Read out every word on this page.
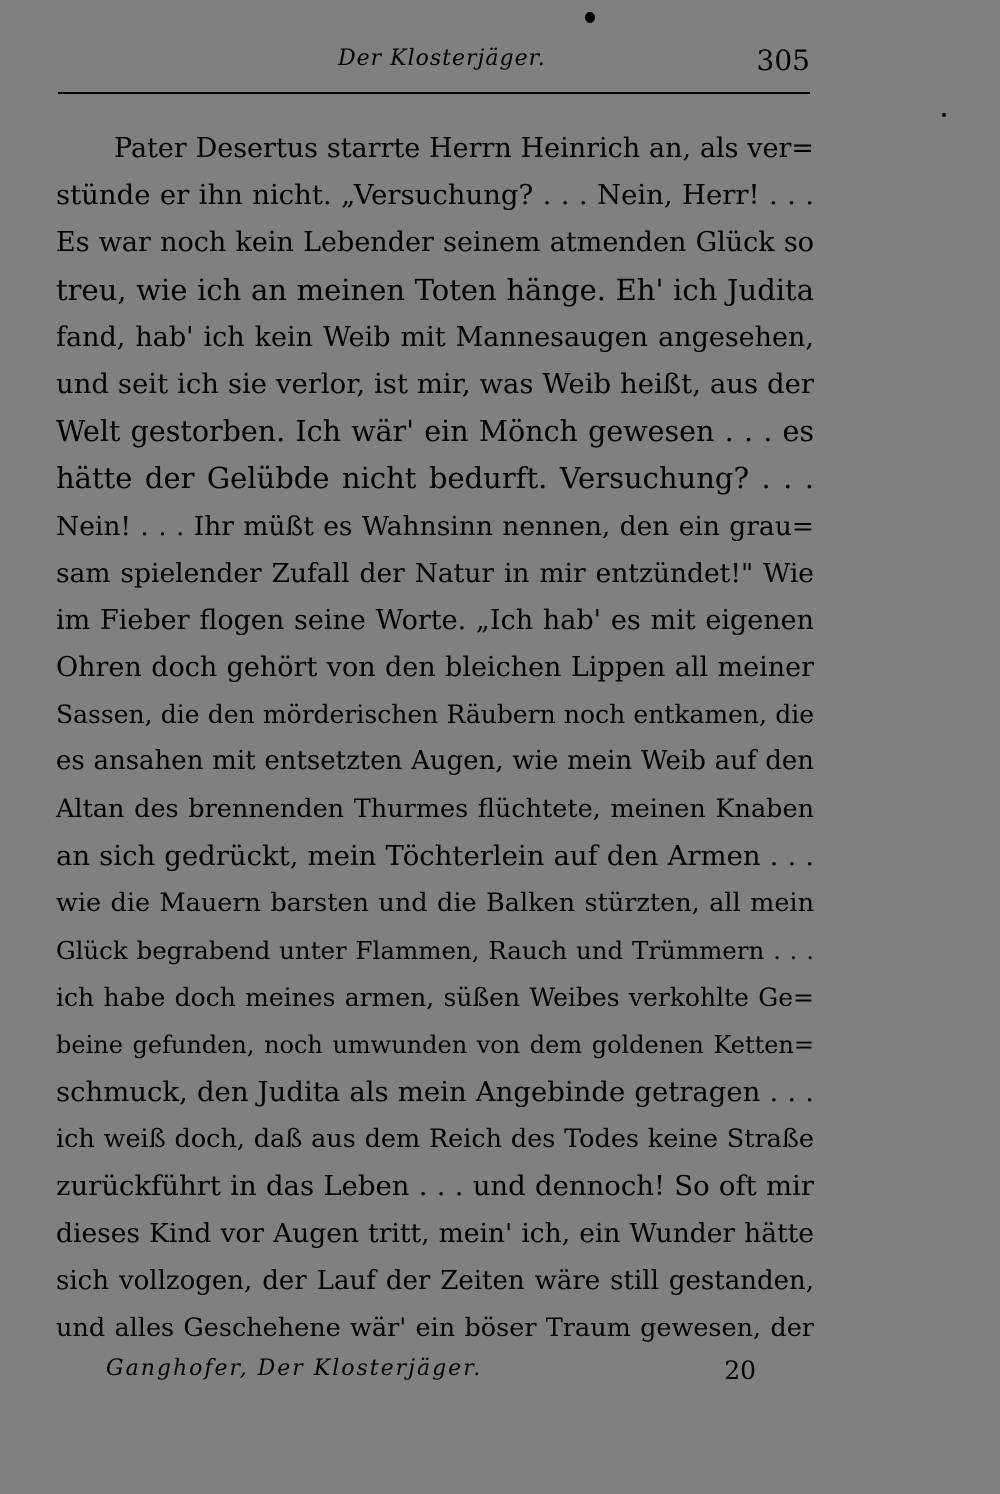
Der Klosterjäger.	305
Pater Desertus starrte Herrn Heinrich an, als ver=
stünde er ihn nicht. „Versuchung? . . . Nein, Herr! . . .
Es war noch kein Lebender seinem atmenden Glück so
treu, wie ich an meinen Toten hänge. Eh' ich Judita
fand, hab' ich kein Weib mit Mannesaugen angesehen,
und seit ich sie verlor, ist mir, was Weib heißt, aus der
Welt gestorben. Ich wär' ein Mönch gewesen . . . es
hätte der Gelübde nicht bedurft. Versuchung? . . .
Nein! . . . Ihr müßt es Wahnsinn nennen, den ein grau=
sam spielender Zufall der Natur in mir entzündet!" Wie
im Fieber flogen seine Worte. „Ich hab' es mit eigenen
Ohren doch gehört von den bleichen Lippen all meiner
Sassen, die den mörderischen Räubern noch entkamen, die
es ansahen mit entsetzten Augen, wie mein Weib auf den
Altan des brennenden Thurmes flüchtete, meinen Knaben
an sich gedrückt, mein Töchterlein auf den Armen . . .
wie die Mauern barsten und die Balken stürzten, all mein
Glück begrabend unter Flammen, Rauch und Trümmern . . .
ich habe doch meines armen, süßen Weibes verkohlte Ge=
beine gefunden, noch umwunden von dem goldenen Ketten=
schmuck, den Judita als mein Angebinde getragen . . .
ich weiß doch, daß aus dem Reich des Todes keine Straße
zurückführt in das Leben . . . und dennoch! So oft mir
dieses Kind vor Augen tritt, mein' ich, ein Wunder hätte
sich vollzogen, der Lauf der Zeiten wäre still gestanden,
und alles Geschehene wär' ein böser Traum gewesen, der
Ganghofer, Der Klosterjäger.	20
